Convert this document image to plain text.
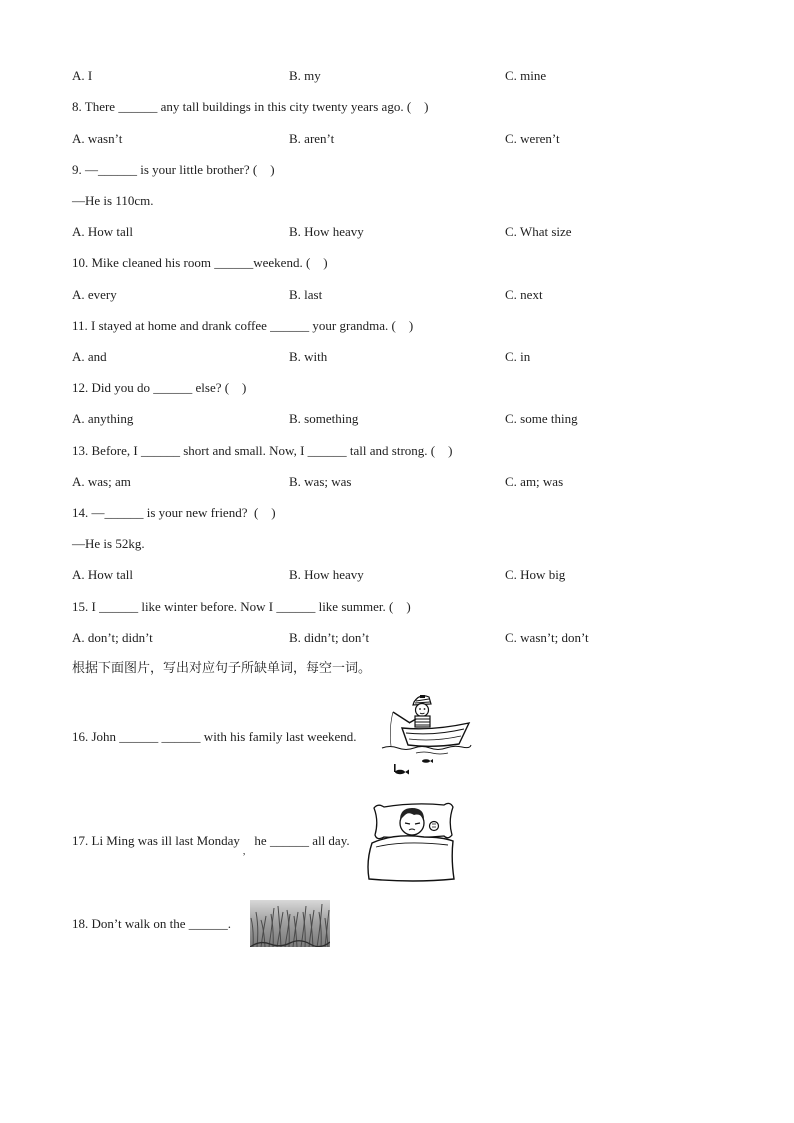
A. I	B. my	C. mine
8. There ______ any tall buildings in this city twenty years ago. (    )
A. wasn’t	B. aren’t	C. weren’t
9. —______ is your little brother? (    )
—He is 110cm.
A. How tall	B. How heavy	C. What size
10. Mike cleaned his room ______weekend. (    )
A. every	B. last	C. next
11. I stayed at home and drank coffee ______ your grandma. (    )
A. and	B. with	C. in
12. Did you do ______ else? (    )
A. anything	B. something	C. some thing
13. Before, I ______ short and small. Now, I ______ tall and strong. (    )
A. was; am	B. was; was	C. am; was
14. —______ is your new friend?  (    )
—He is 52kg.
A. How tall	B. How heavy	C. How big
15. I ______ like winter before. Now I ______ like summer. (    )
A. don’t; didn’t	B. didn’t; don’t	C. wasn’t; don’t
根据下面图片，写出对应句子所缺单词，每空一词。
16. John ______ ______ with his family last weekend.
17. Li Ming was ill last Monday$_,$he ______ all day.
18. Don’t walk on the ______.
